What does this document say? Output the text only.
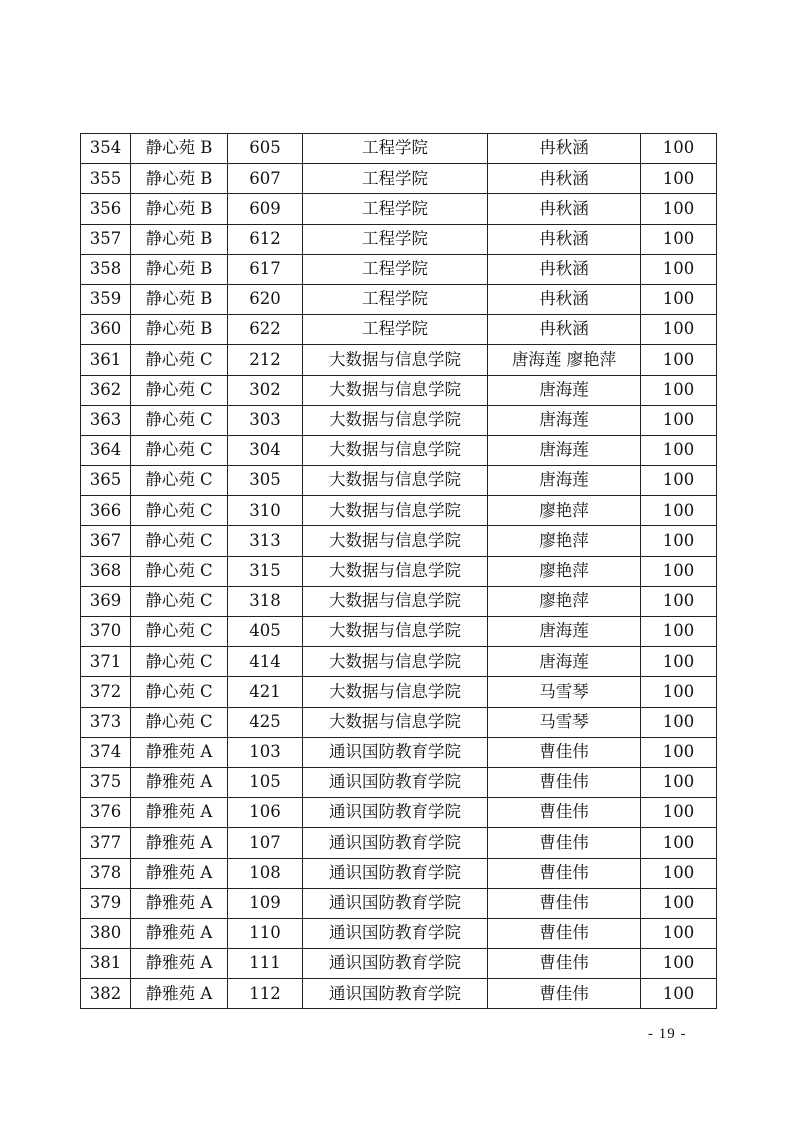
354	静心苑 B	605	工程学院	冉秋涵	100
355	静心苑 B	607	工程学院	冉秋涵	100
356	静心苑 B	609	工程学院	冉秋涵	100
357	静心苑 B	612	工程学院	冉秋涵	100
358	静心苑 B	617	工程学院	冉秋涵	100
359	静心苑 B	620	工程学院	冉秋涵	100
360	静心苑 B	622	工程学院	冉秋涵	100
361	静心苑 C	212	大数据与信息学院	唐海莲 廖艳萍	100
362	静心苑 C	302	大数据与信息学院	唐海莲	100
363	静心苑 C	303	大数据与信息学院	唐海莲	100
364	静心苑 C	304	大数据与信息学院	唐海莲	100
365	静心苑 C	305	大数据与信息学院	唐海莲	100
366	静心苑 C	310	大数据与信息学院	廖艳萍	100
367	静心苑 C	313	大数据与信息学院	廖艳萍	100
368	静心苑 C	315	大数据与信息学院	廖艳萍	100
369	静心苑 C	318	大数据与信息学院	廖艳萍	100
370	静心苑 C	405	大数据与信息学院	唐海莲	100
371	静心苑 C	414	大数据与信息学院	唐海莲	100
372	静心苑 C	421	大数据与信息学院	马雪琴	100
373	静心苑 C	425	大数据与信息学院	马雪琴	100
374	静雅苑 A	103	通识国防教育学院	曹佳伟	100
375	静雅苑 A	105	通识国防教育学院	曹佳伟	100
376	静雅苑 A	106	通识国防教育学院	曹佳伟	100
377	静雅苑 A	107	通识国防教育学院	曹佳伟	100
378	静雅苑 A	108	通识国防教育学院	曹佳伟	100
379	静雅苑 A	109	通识国防教育学院	曹佳伟	100
380	静雅苑 A	110	通识国防教育学院	曹佳伟	100
381	静雅苑 A	111	通识国防教育学院	曹佳伟	100
382	静雅苑 A	112	通识国防教育学院	曹佳伟	100
- 19 -
